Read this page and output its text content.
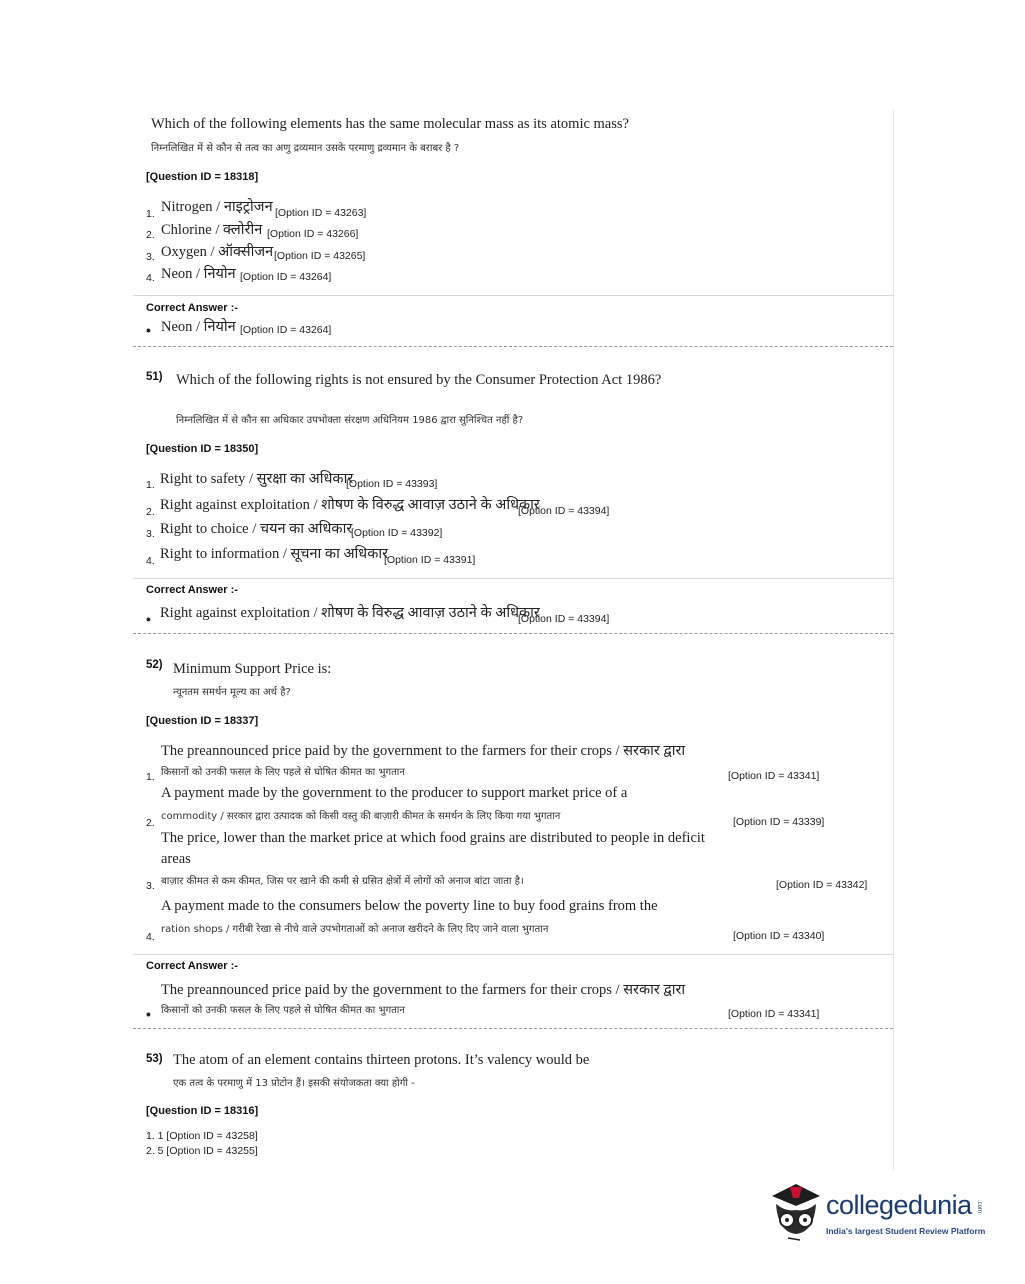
Which of the following elements has the same molecular mass as its atomic mass?
निम्नलिखित में से कौन से तत्व का अणु द्रव्यमान उसके परमाणु द्रव्यमान के बराबर है ?
[Question ID = 18318]
1. Nitrogen / नाइट्रोजन [Option ID = 43263]
2. Chlorine / क्लोरीन [Option ID = 43266]
3. Oxygen / ऑक्सीजन [Option ID = 43265]
4. Neon / नियोन [Option ID = 43264]
Correct Answer :-
• Neon / नियोन [Option ID = 43264]
51) Which of the following rights is not ensured by the Consumer Protection Act 1986?
निम्नलिखित में से कौन सा अधिकार उपभोक्ता संरक्षण अधिनियम 1986 द्वारा सुनिश्चित नहीं है?
[Question ID = 18350]
1. Right to safety / सुरक्षा का अधिकार
[Option ID = 43393]
2. Right against exploitation / शोषण के विरुद्ध आवाज़ उठाने के अधिकार
[Option ID = 43394]
3. Right to choice / चयन का अधिकार
[Option ID = 43392]
4. Right to information / सूचना का अधिकार
[Option ID = 43391]
Correct Answer :-
• Right against exploitation / शोषण के विरुद्ध आवाज़ उठाने के अधिकार
[Option ID = 43394]
52) Minimum Support Price is:
न्यूनतम समर्थन मूल्य का अर्थ है?
[Question ID = 18337]
The preannounced price paid by the government to the farmers for their crops / सरकार द्वारा
किसानों को उनकी फसल के लिए पहले से घोषित कीमत का भुगतान
1.	[Option ID = 43341]
A payment made by the government to the producer to support market price of a
commodity / सरकार द्वारा उत्पादक को किसी वस्तु की बाज़ारी कीमत के समर्थन के लिए किया गया भुगतान
2.	[Option ID = 43339]
The price, lower than the market price at which food grains are distributed to people in deficit
areas
बाज़ार कीमत से कम कीमत, जिस पर खाने की कमी से ग्रसित क्षेत्रों में लोगों को अनाज बांटा जाता है।
3.	[Option ID = 43342]
A payment made to the consumers below the poverty line to buy food grains from the
ration shops / गरीबी रेखा से नीचे वाले उपभोगताओं को अनाज खरीदने के लिए दिए जाने वाला भुगतान
4.	[Option ID = 43340]
Correct Answer :-
The preannounced price paid by the government to the farmers for their crops / सरकार द्वारा
किसानों को उनकी फसल के लिए पहले से घोषित कीमत का भुगतान
•	[Option ID = 43341]
53) The atom of an element contains thirteen protons. It’s valency would be
एक तत्व के परमाणु में 13 प्रोटोन हैं। इसकी संयोजकता क्या होगी -
[Question ID = 18316]
1. 1 [Option ID = 43258]
2. 5 [Option ID = 43255]
collegedunia .com
India's largest Student Review Platform
